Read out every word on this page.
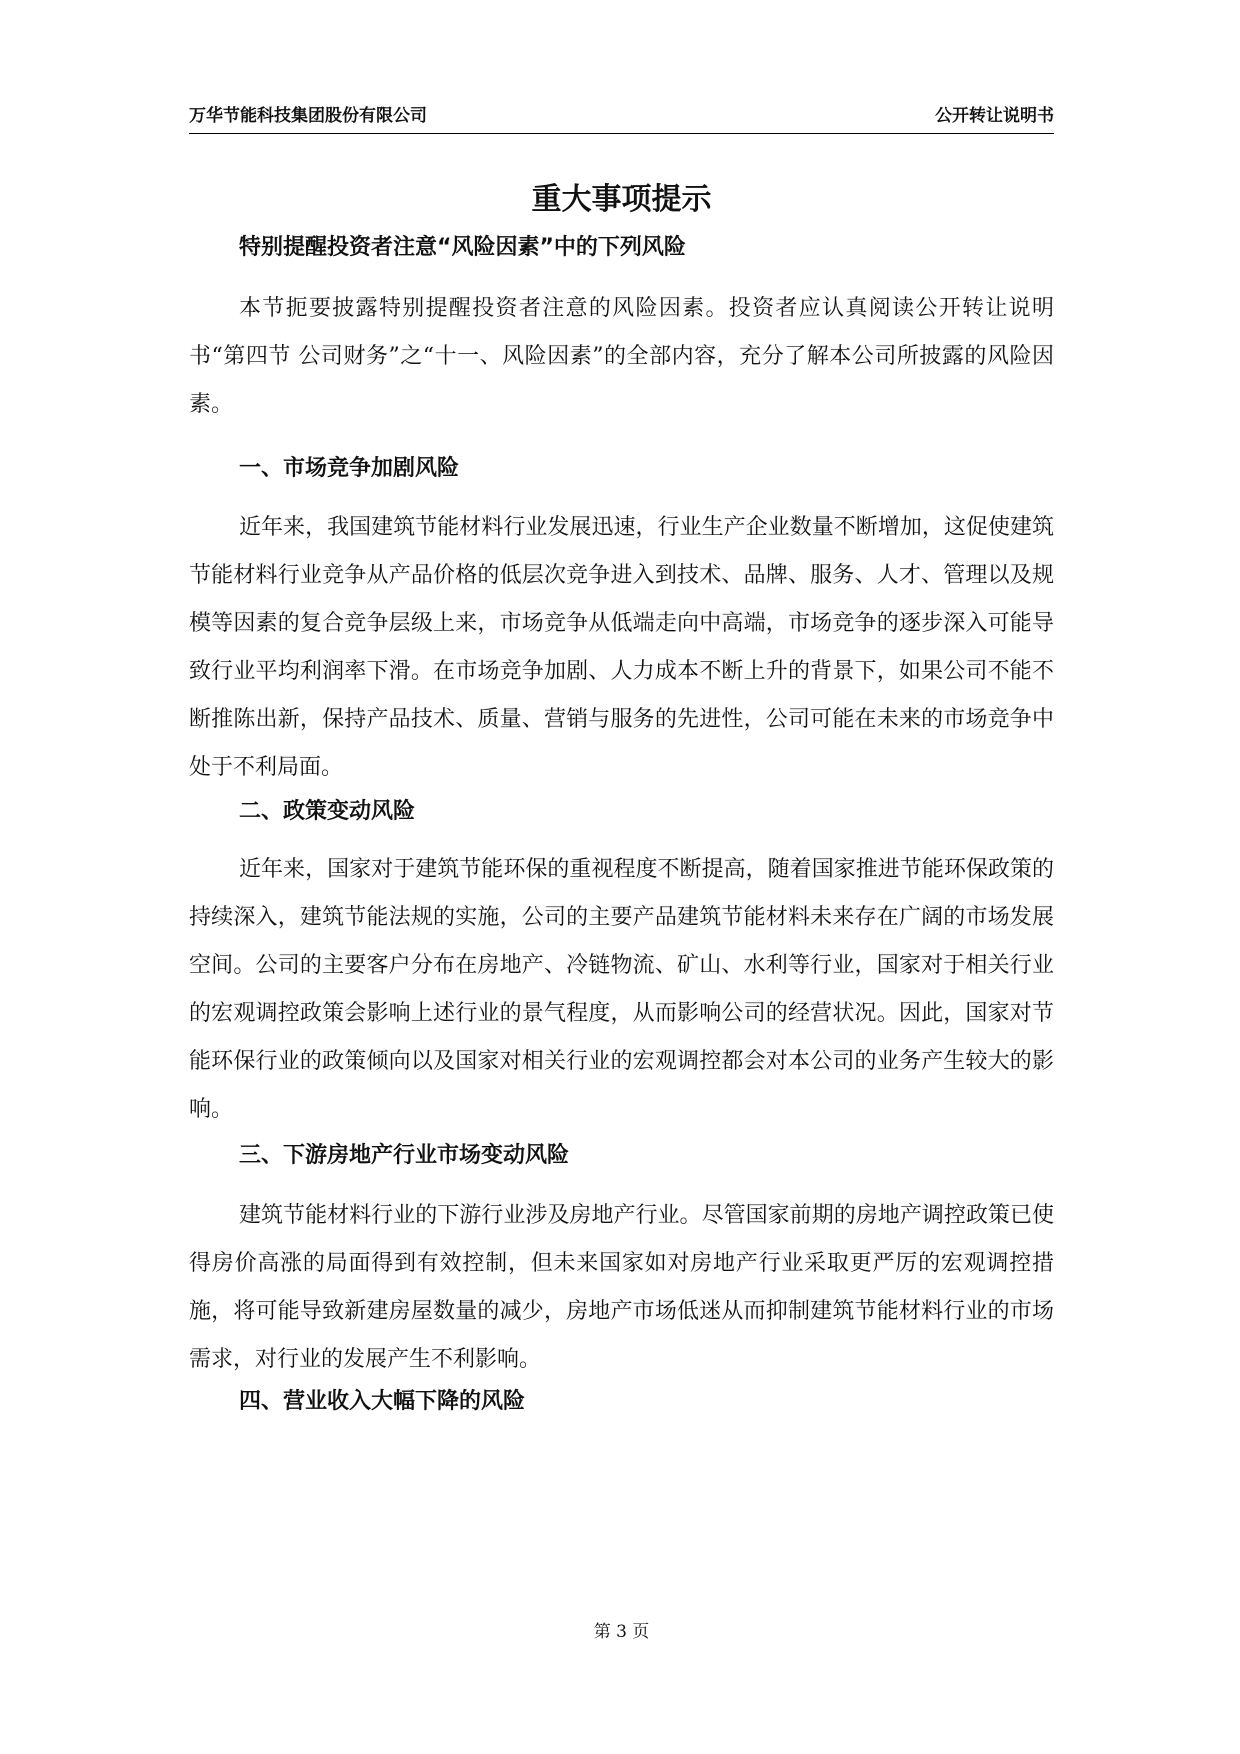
万华节能科技集团股份有限公司	公开转让说明书
重大事项提示
特别提醒投资者注意“风险因素”中的下列风险
本节扼要披露特别提醒投资者注意的风险因素。投资者应认真阅读公开转让说明书“第四节 公司财务”之“十一、风险因素”的全部内容，充分了解本公司所披露的风险因素。
一、市场竞争加剧风险
近年来，我国建筑节能材料行业发展迅速，行业生产企业数量不断增加，这促使建筑节能材料行业竞争从产品价格的低层次竞争进入到技术、品牌、服务、人才、管理以及规模等因素的复合竞争层级上来，市场竞争从低端走向中高端，市场竞争的逐步深入可能导致行业平均利润率下滑。在市场竞争加剧、人力成本不断上升的背景下，如果公司不能不断推陈出新，保持产品技术、质量、营销与服务的先进性，公司可能在未来的市场竞争中处于不利局面。
二、政策变动风险
近年来，国家对于建筑节能环保的重视程度不断提高，随着国家推进节能环保政策的持续深入，建筑节能法规的实施，公司的主要产品建筑节能材料未来存在广阔的市场发展空间。公司的主要客户分布在房地产、冷链物流、矿山、水利等行业，国家对于相关行业的宏观调控政策会影响上述行业的景气程度，从而影响公司的经营状况。因此，国家对节能环保行业的政策倾向以及国家对相关行业的宏观调控都会对本公司的业务产生较大的影响。
三、下游房地产行业市场变动风险
建筑节能材料行业的下游行业涉及房地产行业。尽管国家前期的房地产调控政策已使得房价高涨的局面得到有效控制，但未来国家如对房地产行业采取更严厉的宏观调控措施，将可能导致新建房屋数量的减少，房地产市场低迷从而抑制建筑节能材料行业的市场需求，对行业的发展产生不利影响。
四、营业收入大幅下降的风险
第 3 页
